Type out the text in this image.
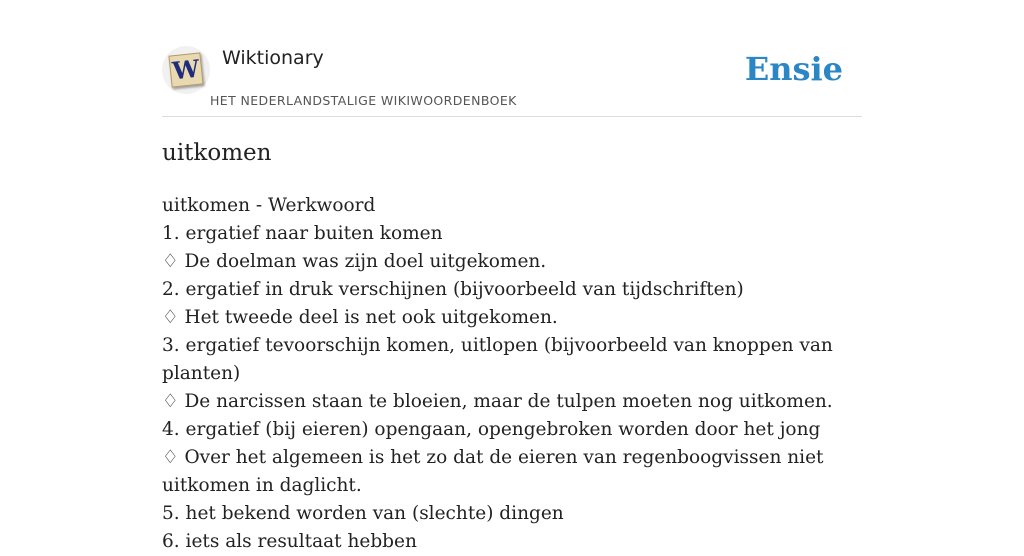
W Wiktionary
HET NEDERLANDSTALIGE WIKIWOORDENBOEK
Ensie
uitkomen
uitkomen - Werkwoord
1. ergatief naar buiten komen
♢ De doelman was zijn doel uitgekomen.
2. ergatief in druk verschijnen (bijvoorbeeld van tijdschriften)
♢ Het tweede deel is net ook uitgekomen.
3. ergatief tevoorschijn komen, uitlopen (bijvoorbeeld van knoppen van planten)
♢ De narcissen staan te bloeien, maar de tulpen moeten nog uitkomen.
4. ergatief (bij eieren) opengaan, opengebroken worden door het jong
♢ Over het algemeen is het zo dat de eieren van regenboogvissen niet uitkomen in daglicht.
5. het bekend worden van (slechte) dingen
6. iets als resultaat hebben
